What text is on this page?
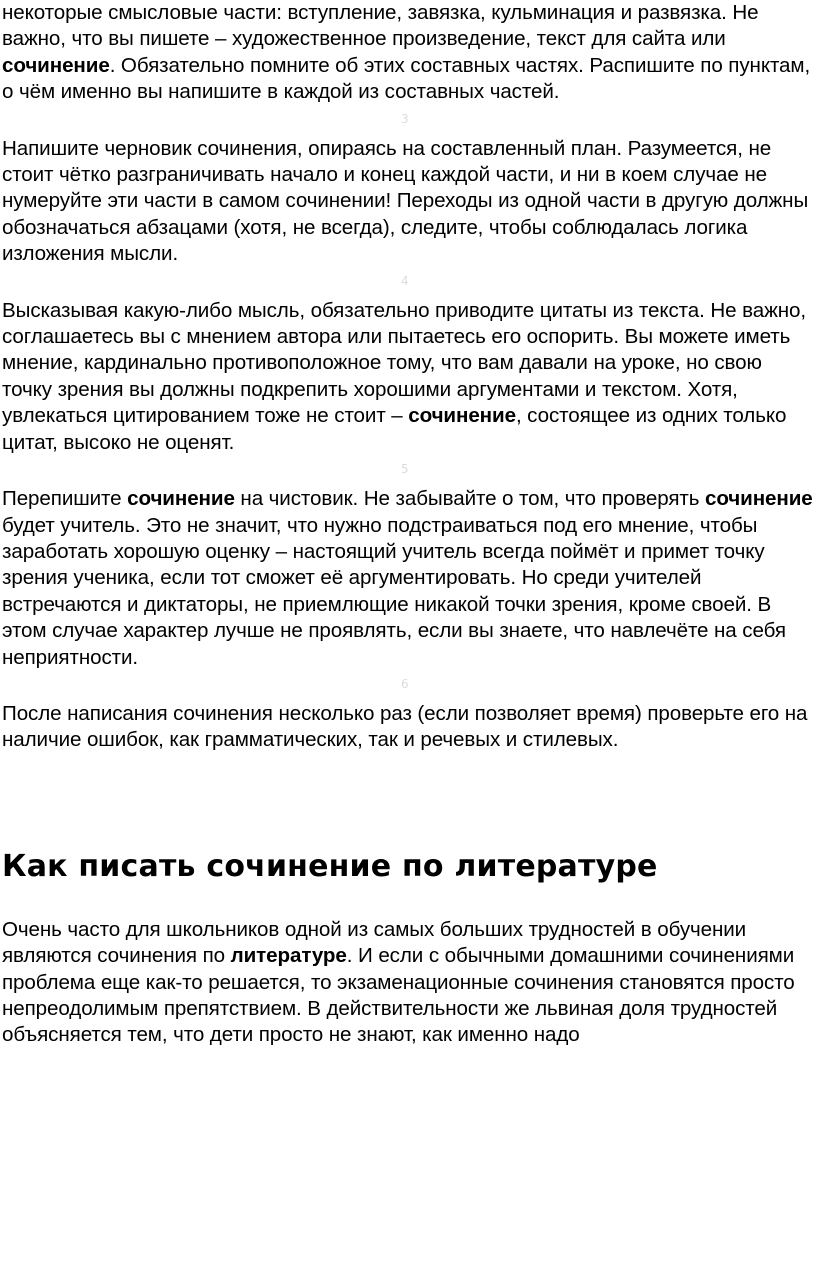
некоторые смысловые части: вступление, завязка, кульминация и развязка. Не важно, что вы пишете – художественное произведение, текст для сайта или сочинение. Обязательно помните об этих составных частях. Распишите по пунктам, о чём именно вы напишите в каждой из составных частей.

3

Напишите черновик сочинения, опираясь на составленный план. Разумеется, не стоит чётко разграничивать начало и конец каждой части, и ни в коем случае не нумеруйте эти части в самом сочинении! Переходы из одной части в другую должны обозначаться абзацами (хотя, не всегда), следите, чтобы соблюдалась логика изложения мысли.

4

Высказывая какую-либо мысль, обязательно приводите цитаты из текста. Не важно, соглашаетесь вы с мнением автора или пытаетесь его оспорить. Вы можете иметь мнение, кардинально противоположное тому, что вам давали на уроке, но свою точку зрения вы должны подкрепить хорошими аргументами и текстом. Хотя, увлекаться цитированием тоже не стоит – сочинение, состоящее из одних только цитат, высоко не оценят.

5

Перепишите сочинение на чистовик. Не забывайте о том, что проверять сочинение будет учитель. Это не значит, что нужно подстраиваться под его мнение, чтобы заработать хорошую оценку – настоящий учитель всегда поймёт и примет точку зрения ученика, если тот сможет её аргументировать. Но среди учителей встречаются и диктаторы, не приемлющие никакой точки зрения, кроме своей. В этом случае характер лучше не проявлять, если вы знаете, что навлечёте на себя неприятности.

6

После написания сочинения несколько раз (если позволяет время) проверьте его на наличие ошибок, как грамматических, так и речевых и стилевых.

Как писать сочинение по литературе

Очень часто для школьников одной из самых больших трудностей в обучении являются сочинения по литературе. И если с обычными домашними сочинениями проблема еще как-то решается, то экзаменационные сочинения становятся просто непреодолимым препятствием. В действительности же львиная доля трудностей объясняется тем, что дети просто не знают, как именно надо
